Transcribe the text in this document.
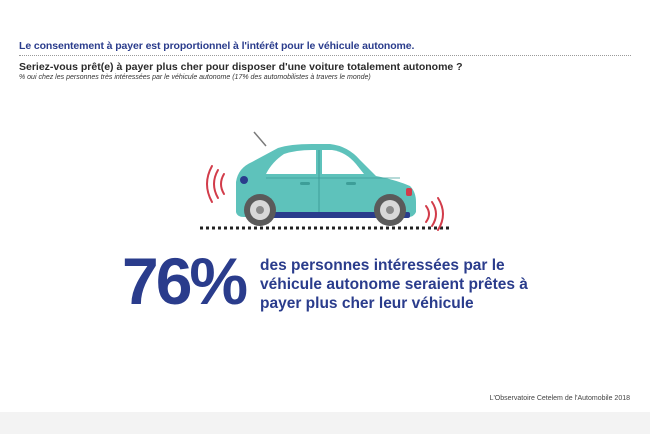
Le consentement à payer est proportionnel à l'intérêt pour le véhicule autonome.
Seriez-vous prêt(e) à payer plus cher pour disposer d'une voiture totalement autonome ?
% oui chez les personnes très intéressées par le véhicule autonome (17% des automobilistes à travers le monde)
76% des personnes intéressées par le véhicule autonome seraient prêtes à payer plus cher leur véhicule
L'Observatoire Cetelem de l'Automobile 2018
